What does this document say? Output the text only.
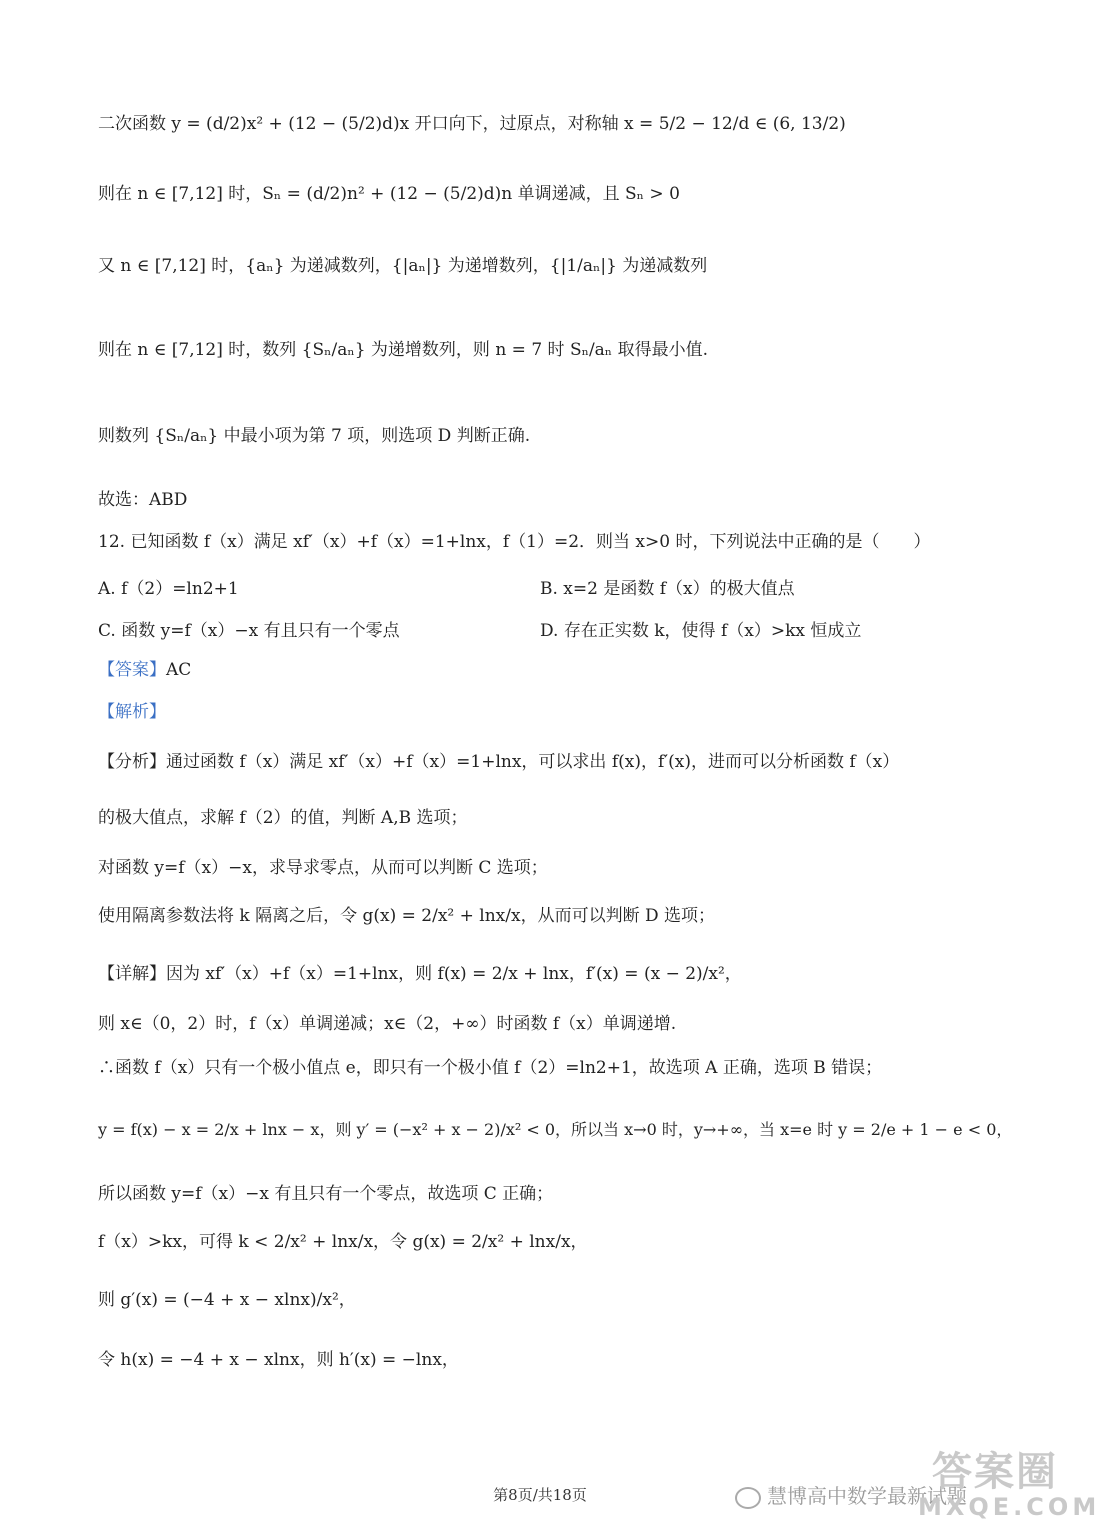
二次函数 y = (d/2)x² + (12 − (5/2)d)x 开口向下，过原点，对称轴 x = 5/2 − 12/d ∈ (6, 13/2)
则在 n ∈ [7,12] 时，Sₙ = (d/2)n² + (12 − (5/2)d)n 单调递减，且 Sₙ > 0
又 n ∈ [7,12] 时，{aₙ} 为递减数列，{|aₙ|} 为递增数列，{|1/aₙ|} 为递减数列
则在 n ∈ [7,12] 时，数列 {Sₙ/aₙ} 为递增数列，则 n = 7 时 Sₙ/aₙ 取得最小值.
则数列 {Sₙ/aₙ} 中最小项为第 7 项，则选项 D 判断正确.
故选：ABD
12. 已知函数 f（x）满足 xf′（x）+f（x）=1+lnx，f（1）=2．则当 x>0 时，下列说法中正确的是（　　）
A. f（2）=ln2+1	B. x=2 是函数 f（x）的极大值点
C. 函数 y=f（x）−x 有且只有一个零点	D. 存在正实数 k，使得 f（x）>kx 恒成立
【答案】 AC
【解析】
【分析】通过函数 f（x）满足 xf′（x）+f（x）=1+lnx，可以求出 f(x)，f′(x)，进而可以分析函数 f（x）
的极大值点，求解 f（2）的值，判断 A,B 选项；
对函数 y=f（x）−x，求导求零点，从而可以判断 C 选项；
使用隔离参数法将 k 隔离之后，令 g(x) = 2/x² + lnx/x，从而可以判断 D 选项；
【详解】因为 xf′（x）+f（x）=1+lnx，则 f(x) = 2/x + lnx，f′(x) = (x − 2)/x²，
则 x∈（0，2）时，f（x）单调递减；x∈（2，+∞）时函数 f（x）单调递增.
∴函数 f（x）只有一个极小值点 e，即只有一个极小值 f（2）=ln2+1，故选项 A 正确，选项 B 错误；
y = f(x) − x = 2/x + lnx − x，则 y′ = (−x² + x − 2)/x² < 0，所以当 x→0 时，y→+∞，当 x=e 时 y = 2/e + 1 − e < 0，
所以函数 y=f（x）−x 有且只有一个零点，故选项 C 正确；
f（x）>kx，可得 k < 2/x² + lnx/x，令 g(x) = 2/x² + lnx/x，
则 g′(x) = (−4 + x − xlnx)/x²，
令 h(x) = −4 + x − xlnx，则 h′(x) = −lnx，
第8页/共18页	慧博高中数学最新试题
答案圈
MXQE.COM
